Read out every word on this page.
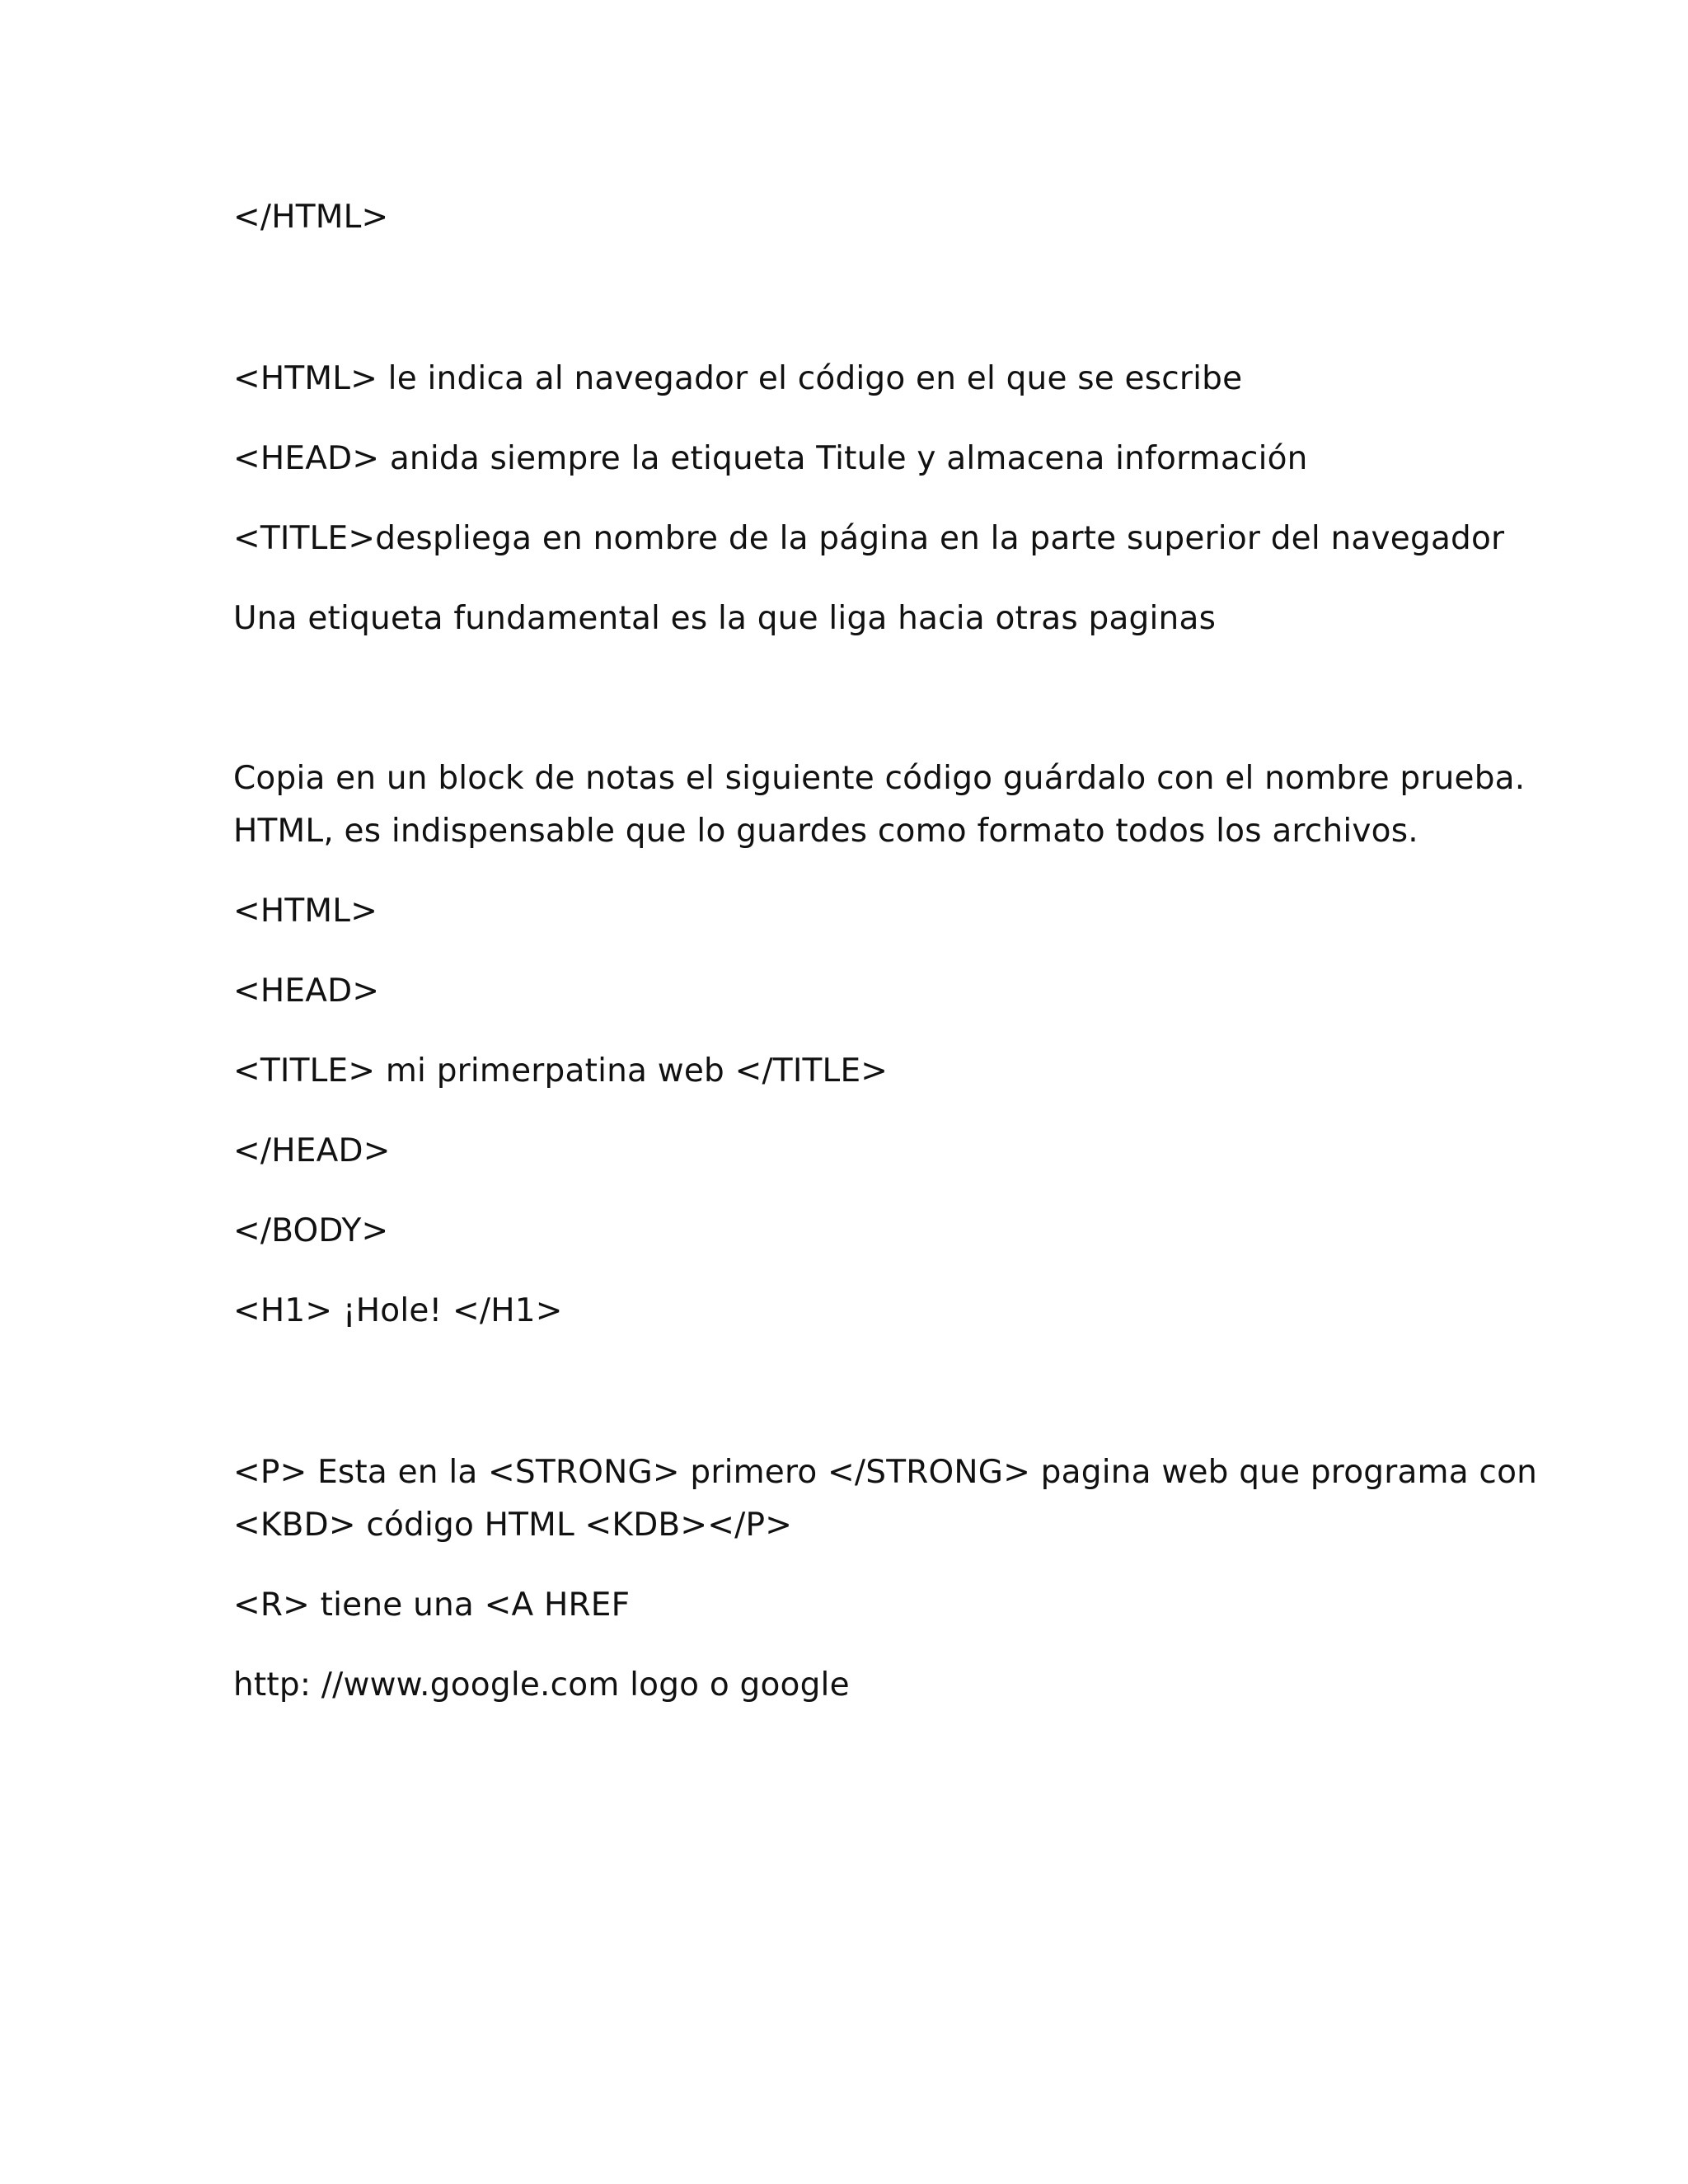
</HTML>

<HTML> le indica al navegador el código en el que se escribe

<HEAD> anida siempre la etiqueta Titule y almacena información

<TITLE>despliega en nombre de la página en la parte superior del navegador

Una etiqueta fundamental es la que liga hacia otras paginas

Copia en un block de notas el siguiente código guárdalo con el nombre prueba.

HTML, es indispensable que lo guardes como formato todos los archivos.

<HTML>

<HEAD>

<TITLE> mi primerpatina web </TITLE>

</HEAD>

</BODY>

<H1> ¡Hole! </H1>

<P> Esta en la <STRONG> primero </STRONG> pagina web que programa con

<KBD> código HTML <KDB></P>

<R> tiene una <A HREF

http: //www.google.com logo o google
